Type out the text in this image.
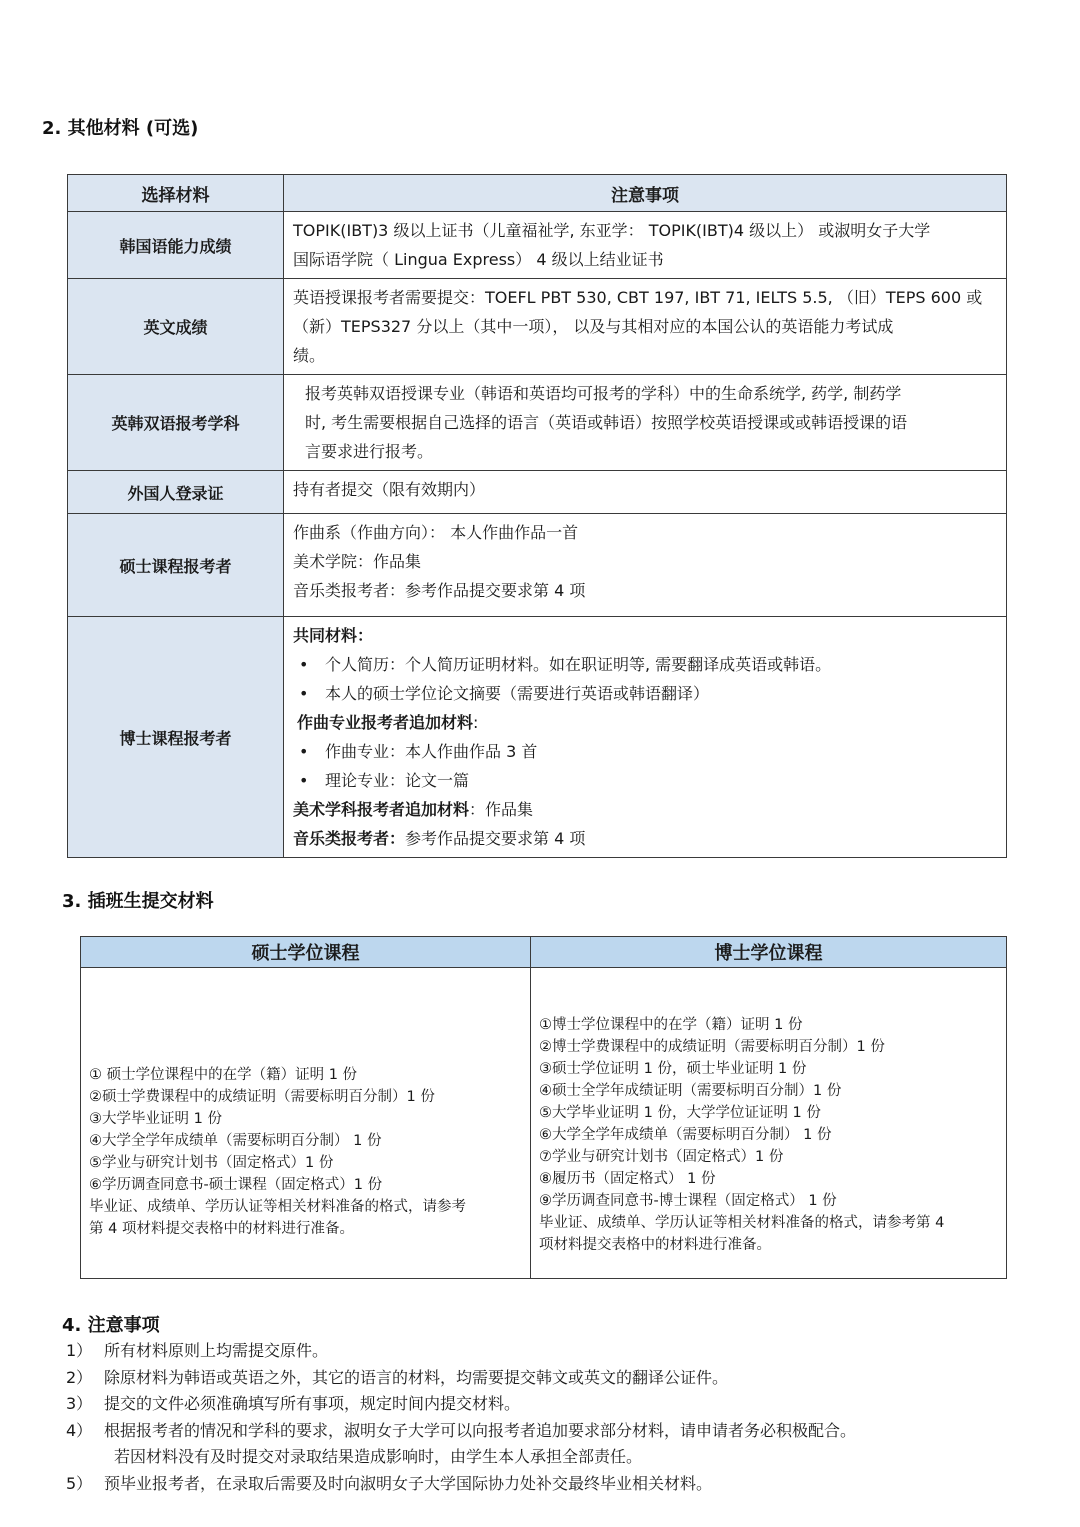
2. 其他材料 (可选)
选择材料	注意事项
韩国语能力成绩	TOPIK(IBT)3 级以上证书（儿童福祉学, 东亚学： TOPIK(IBT)4 级以上） 或淑明女子大学
国际语学院（ Lingua Express） 4 级以上结业证书

英文成绩	英语授课报考者需要提交：TOEFL PBT 530, CBT 197, IBT 71, IELTS 5.5, （旧）TEPS 600 或
（新）TEPS327 分以上（其中一项）， 以及与其相对应的本国公认的英语能力考试成
绩。

英韩双语报考学科	报考英韩双语授课专业（韩语和英语均可报考的学科）中的生命系统学, 药学, 制药学
时, 考生需要根据自己选择的语言（英语或韩语）按照学校英语授课或或韩语授课的语
言要求进行报考。

外国人登录证	持有者提交（限有效期内）

硕士课程报考者	作曲系（作曲方向）： 本人作曲作品一首
美术学院：作品集
音乐类报考者：参考作品提交要求第 4 项

博士课程报考者	
共同材料：
•	个人简历：个人简历证明材料。如在职证明等, 需要翻译成英语或韩语。
•	本人的硕士学位论文摘要（需要进行英语或韩语翻译）
作曲专业报考者追加材料:
•	作曲专业：本人作曲作品 3 首
•	理论专业：论文一篇
美术学科报考者追加材料：作品集
音乐类报考者：参考作品提交要求第 4 项
3. 插班生提交材料
硕士学位课程	博士学位课程

① 硕士学位课程中的在学（籍）证明 1 份
②硕士学费课程中的成绩证明（需要标明百分制）1 份
③大学毕业证明 1 份
④大学全学年成绩单（需要标明百分制） 1 份
⑤学业与研究计划书（固定格式）1 份
⑥学历调查同意书-硕士课程（固定格式）1 份
毕业证、成绩单、学历认证等相关材料准备的格式，请参考
第 4 项材料提交表格中的材料进行准备。

①博士学位课程中的在学（籍）证明 1 份
②博士学费课程中的成绩证明（需要标明百分制）1 份
③硕士学位证明 1 份，硕士毕业证明 1 份
④硕士全学年成绩证明（需要标明百分制）1 份
⑤大学毕业证明 1 份，大学学位证证明 1 份
⑥大学全学年成绩单（需要标明百分制） 1 份
⑦学业与研究计划书（固定格式）1 份
⑧履历书（固定格式） 1 份
⑨学历调查同意书-博士课程（固定格式） 1 份
毕业证、成绩单、学历认证等相关材料准备的格式，请参考第 4
项材料提交表格中的材料进行准备。
4. 注意事项
1） 所有材料原则上均需提交原件。
2） 除原材料为韩语或英语之外，其它的语言的材料，均需要提交韩文或英文的翻译公证件。
3） 提交的文件必须准确填写所有事项，规定时间内提交材料。
4） 根据报考者的情况和学科的要求，淑明女子大学可以向报考者追加要求部分材料，请申请者务必积极配合。
若因材料没有及时提交对录取结果造成影响时，由学生本人承担全部责任。
5） 预毕业报考者，在录取后需要及时向淑明女子大学国际协力处补交最终毕业相关材料。
